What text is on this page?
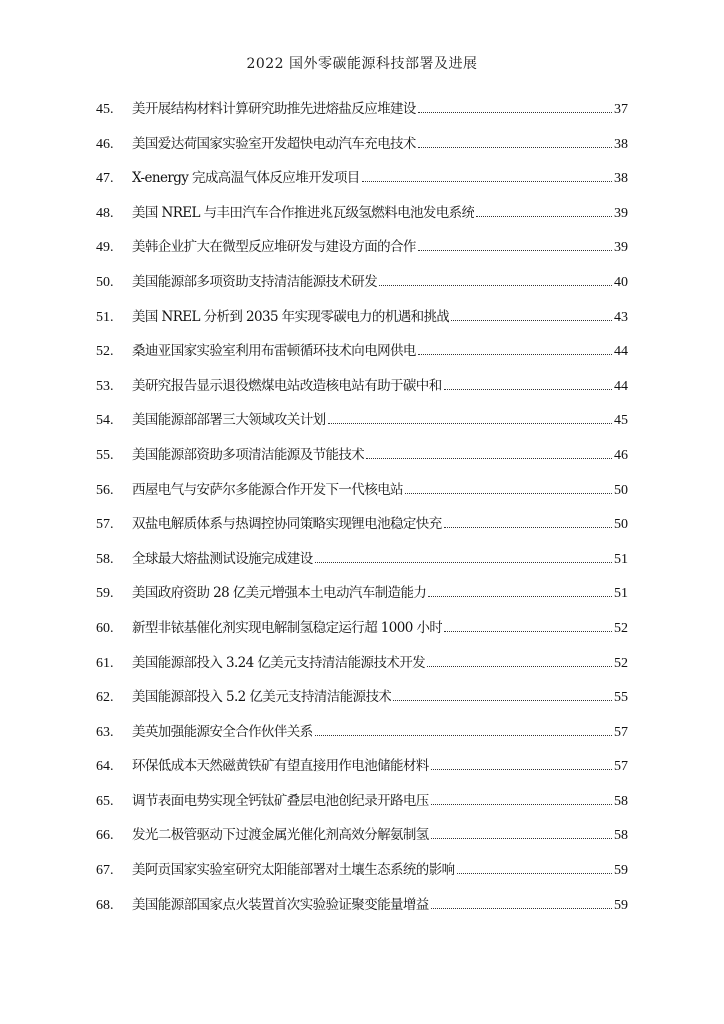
2022 国外零碳能源科技部署及进展
45.	美开展结构材料计算研究助推先进熔盐反应堆建设	37
46.	美国爱达荷国家实验室开发超快电动汽车充电技术	38
47.	X-energy 完成高温气体反应堆开发项目	38
48.	美国 NREL 与丰田汽车合作推进兆瓦级氢燃料电池发电系统	39
49.	美韩企业扩大在微型反应堆研发与建设方面的合作	39
50.	美国能源部多项资助支持清洁能源技术研发	40
51.	美国 NREL 分析到 2035 年实现零碳电力的机遇和挑战	43
52.	桑迪亚国家实验室利用布雷顿循环技术向电网供电	44
53.	美研究报告显示退役燃煤电站改造核电站有助于碳中和	44
54.	美国能源部部署三大领域攻关计划	45
55.	美国能源部资助多项清洁能源及节能技术	46
56.	西屋电气与安萨尔多能源合作开发下一代核电站	50
57.	双盐电解质体系与热调控协同策略实现锂电池稳定快充	50
58.	全球最大熔盐测试设施完成建设	51
59.	美国政府资助 28 亿美元增强本土电动汽车制造能力	51
60.	新型非铱基催化剂实现电解制氢稳定运行超 1000 小时	52
61.	美国能源部投入 3.24 亿美元支持清洁能源技术开发	52
62.	美国能源部投入 5.2 亿美元支持清洁能源技术	55
63.	美英加强能源安全合作伙伴关系	57
64.	环保低成本天然磁黄铁矿有望直接用作电池储能材料	57
65.	调节表面电势实现全钙钛矿叠层电池创纪录开路电压	58
66.	发光二极管驱动下过渡金属光催化剂高效分解氨制氢	58
67.	美阿贡国家实验室研究太阳能部署对土壤生态系统的影响	59
68.	美国能源部国家点火装置首次实验验证聚变能量增益	59
